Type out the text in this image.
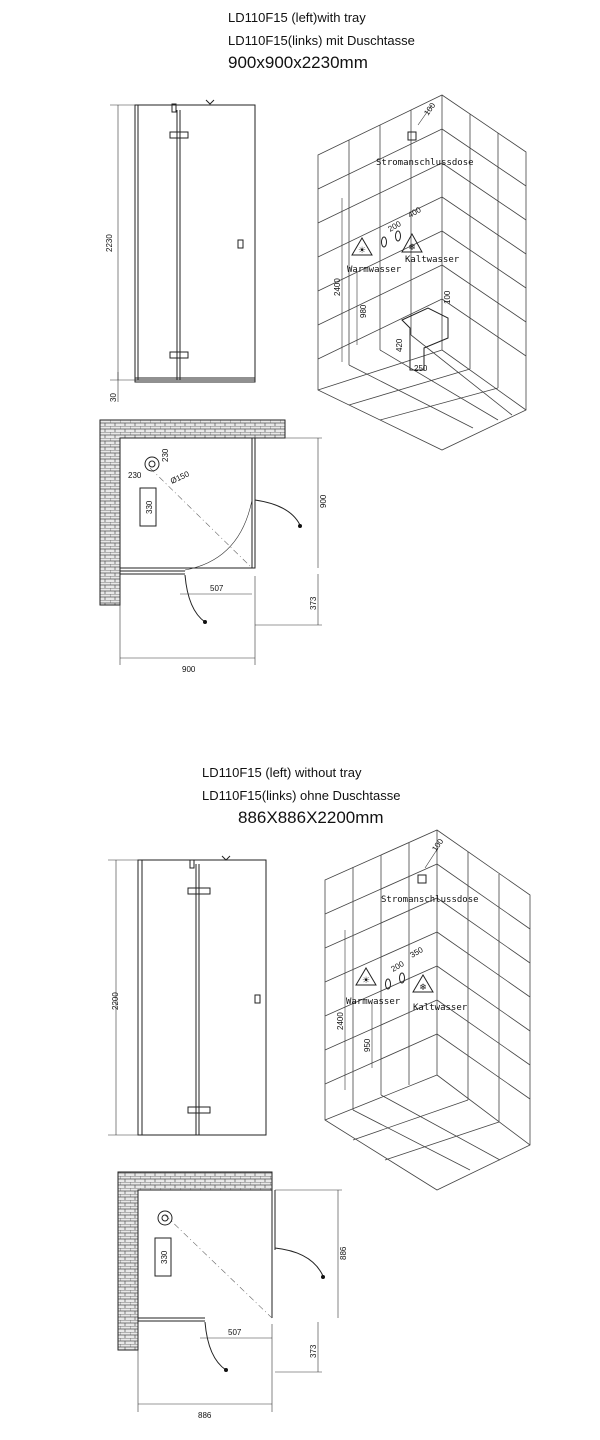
LD110F15 (left)with tray
LD110F15(links) mit Duschtasse
900x900x2230mm
LD110F15 (left) without tray
LD110F15(links) ohne Duschtasse
886X886X2200mm
2230
30
100
Stromanschlussdose
☀	❄
Warmwasser
Kaltwasser
200
400
2400
980
100
420
250
230
230	Ø150
330	900
507
373
900
2200
100
Stromanschlussdose
☀
❄
Warmwasser
Kaltwasser
200
350
2400
950
330	886
507
373
886
